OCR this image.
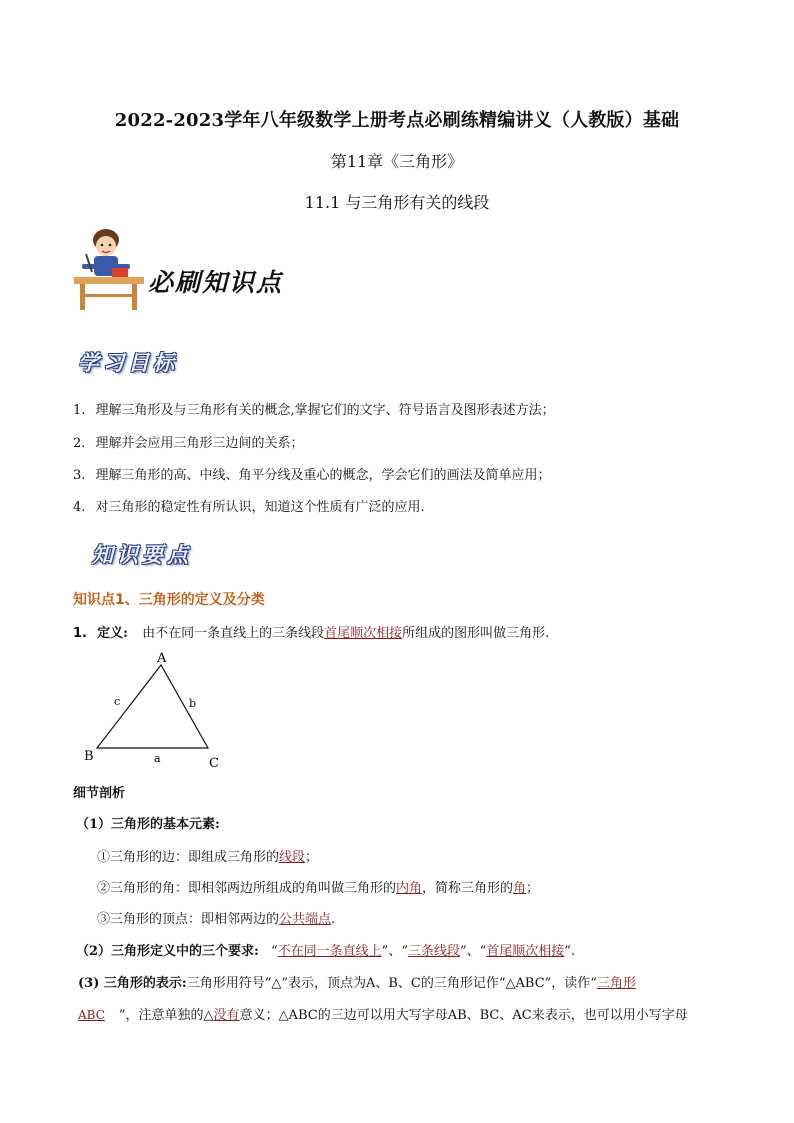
2022-2023学年八年级数学上册考点必刷练精编讲义（人教版）基础
第11章《三角形》
11.1 与三角形有关的线段
必刷知识点
学习目标
1. 理解三角形及与三角形有关的概念,掌握它们的文字、符号语言及图形表述方法；
2. 理解并会应用三角形三边间的关系；
3. 理解三角形的高、中线、角平分线及重心的概念，学会它们的画法及简单应用；
4. 对三角形的稳定性有所认识，知道这个性质有广泛的应用.
知识要点
知识点1、三角形的定义及分类
1. 定义: 由不在同一条直线上的三条线段首尾顺次相接所组成的图形叫做三角形.
A
B	C
a
b
c
细节剖析
（1）三角形的基本元素:
①三角形的边：即组成三角形的线段；
②三角形的角：即相邻两边所组成的角叫做三角形的内角，简称三角形的角；
③三角形的顶点：即相邻两边的公共端点.
（2）三角形定义中的三个要求: “不在同一条直线上”、“三条线段”、“首尾顺次相接”.
(3) 三角形的表示:三角形用符号“△”表示，顶点为A、B、C的三角形记作“△ABC”，读作“三角形
ABC ”，注意单独的△没有意义；△ABC的三边可以用大写字母AB、BC、AC来表示，也可以用小写字母
